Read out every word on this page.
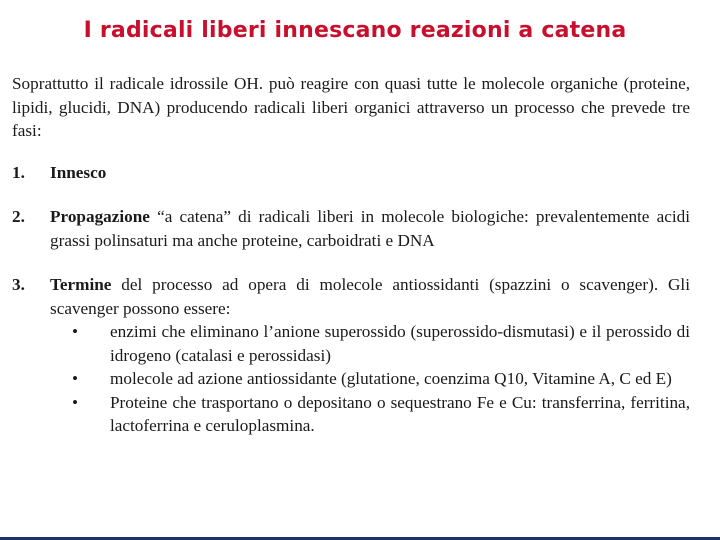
I radicali liberi innescano reazioni a catena

Soprattutto il radicale idrossile OH. può reagire con quasi tutte le molecole organiche (proteine, lipidi, glucidi, DNA) producendo radicali liberi organici attraverso un processo che prevede tre fasi:

1. Innesco
2. Propagazione “a catena” di radicali liberi in molecole biologiche: prevalentemente acidi grassi polinsaturi ma anche proteine, carboidrati e DNA
3. Termine del processo ad opera di molecole antiossidanti (spazzini o scavenger). Gli scavenger possono essere:
• enzimi che eliminano l’anione superossido (superossido-dismutasi) e il perossido di idrogeno (catalasi e perossidasi)
• molecole ad azione antiossidante (glutatione, coenzima Q10, Vitamine A, C ed E)
• Proteine che trasportano o depositano o sequestrano Fe e Cu: transferrina, ferritina, lactoferrina e ceruloplasmina.
